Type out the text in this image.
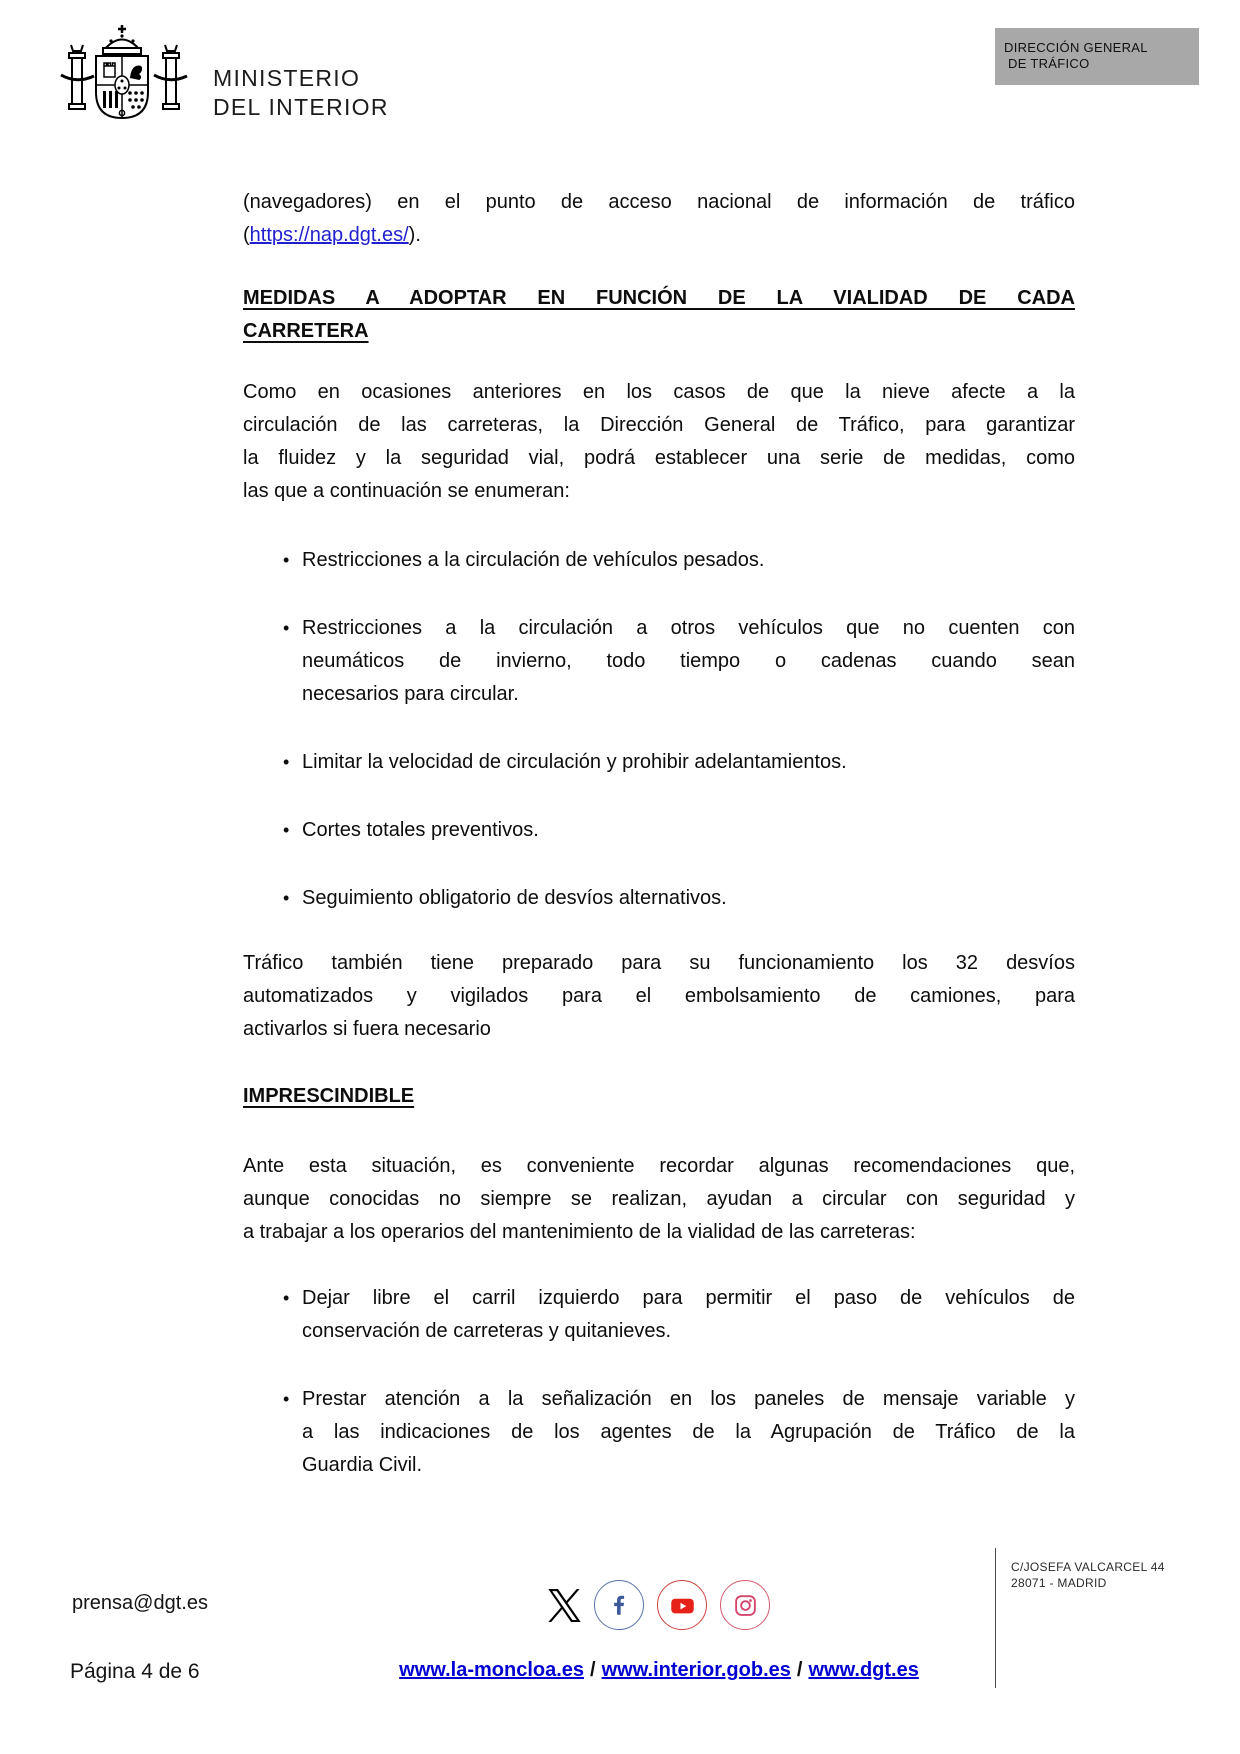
MINISTERIO
DEL INTERIOR
DIRECCIÓN GENERAL
DE TRÁFICO
(navegadores) en el punto de acceso nacional de información de tráfico
(https://nap.dgt.es/).
MEDIDAS A ADOPTAR EN FUNCIÓN DE LA VIALIDAD DE CADA
CARRETERA
Como en ocasiones anteriores en los casos de que la nieve afecte a la
circulación de las carreteras, la Dirección General de Tráfico, para garantizar
la fluidez y la seguridad vial, podrá establecer una serie de medidas, como
las que a continuación se enumeran:
• Restricciones a la circulación de vehículos pesados.
• Restricciones a la circulación a otros vehículos que no cuenten con
neumáticos de invierno, todo tiempo o cadenas cuando sean
necesarios para circular.
• Limitar la velocidad de circulación y prohibir adelantamientos.
• Cortes totales preventivos.
• Seguimiento obligatorio de desvíos alternativos.
Tráfico también tiene preparado para su funcionamiento los 32 desvíos
automatizados y vigilados para el embolsamiento de camiones, para
activarlos si fuera necesario
IMPRESCINDIBLE
Ante esta situación, es conveniente recordar algunas recomendaciones que,
aunque conocidas no siempre se realizan, ayudan a circular con seguridad y
a trabajar a los operarios del mantenimiento de la vialidad de las carreteras:
• Dejar libre el carril izquierdo para permitir el paso de vehículos de
conservación de carreteras y quitanieves.
• Prestar atención a la señalización en los paneles de mensaje variable y
a las indicaciones de los agentes de la Agrupación de Tráfico de la
Guardia Civil.
prensa@dgt.es
C/JOSEFA VALCARCEL 44
28071 - MADRID
www.la-moncloa.es / www.interior.gob.es / www.dgt.es
Página 4 de 6
